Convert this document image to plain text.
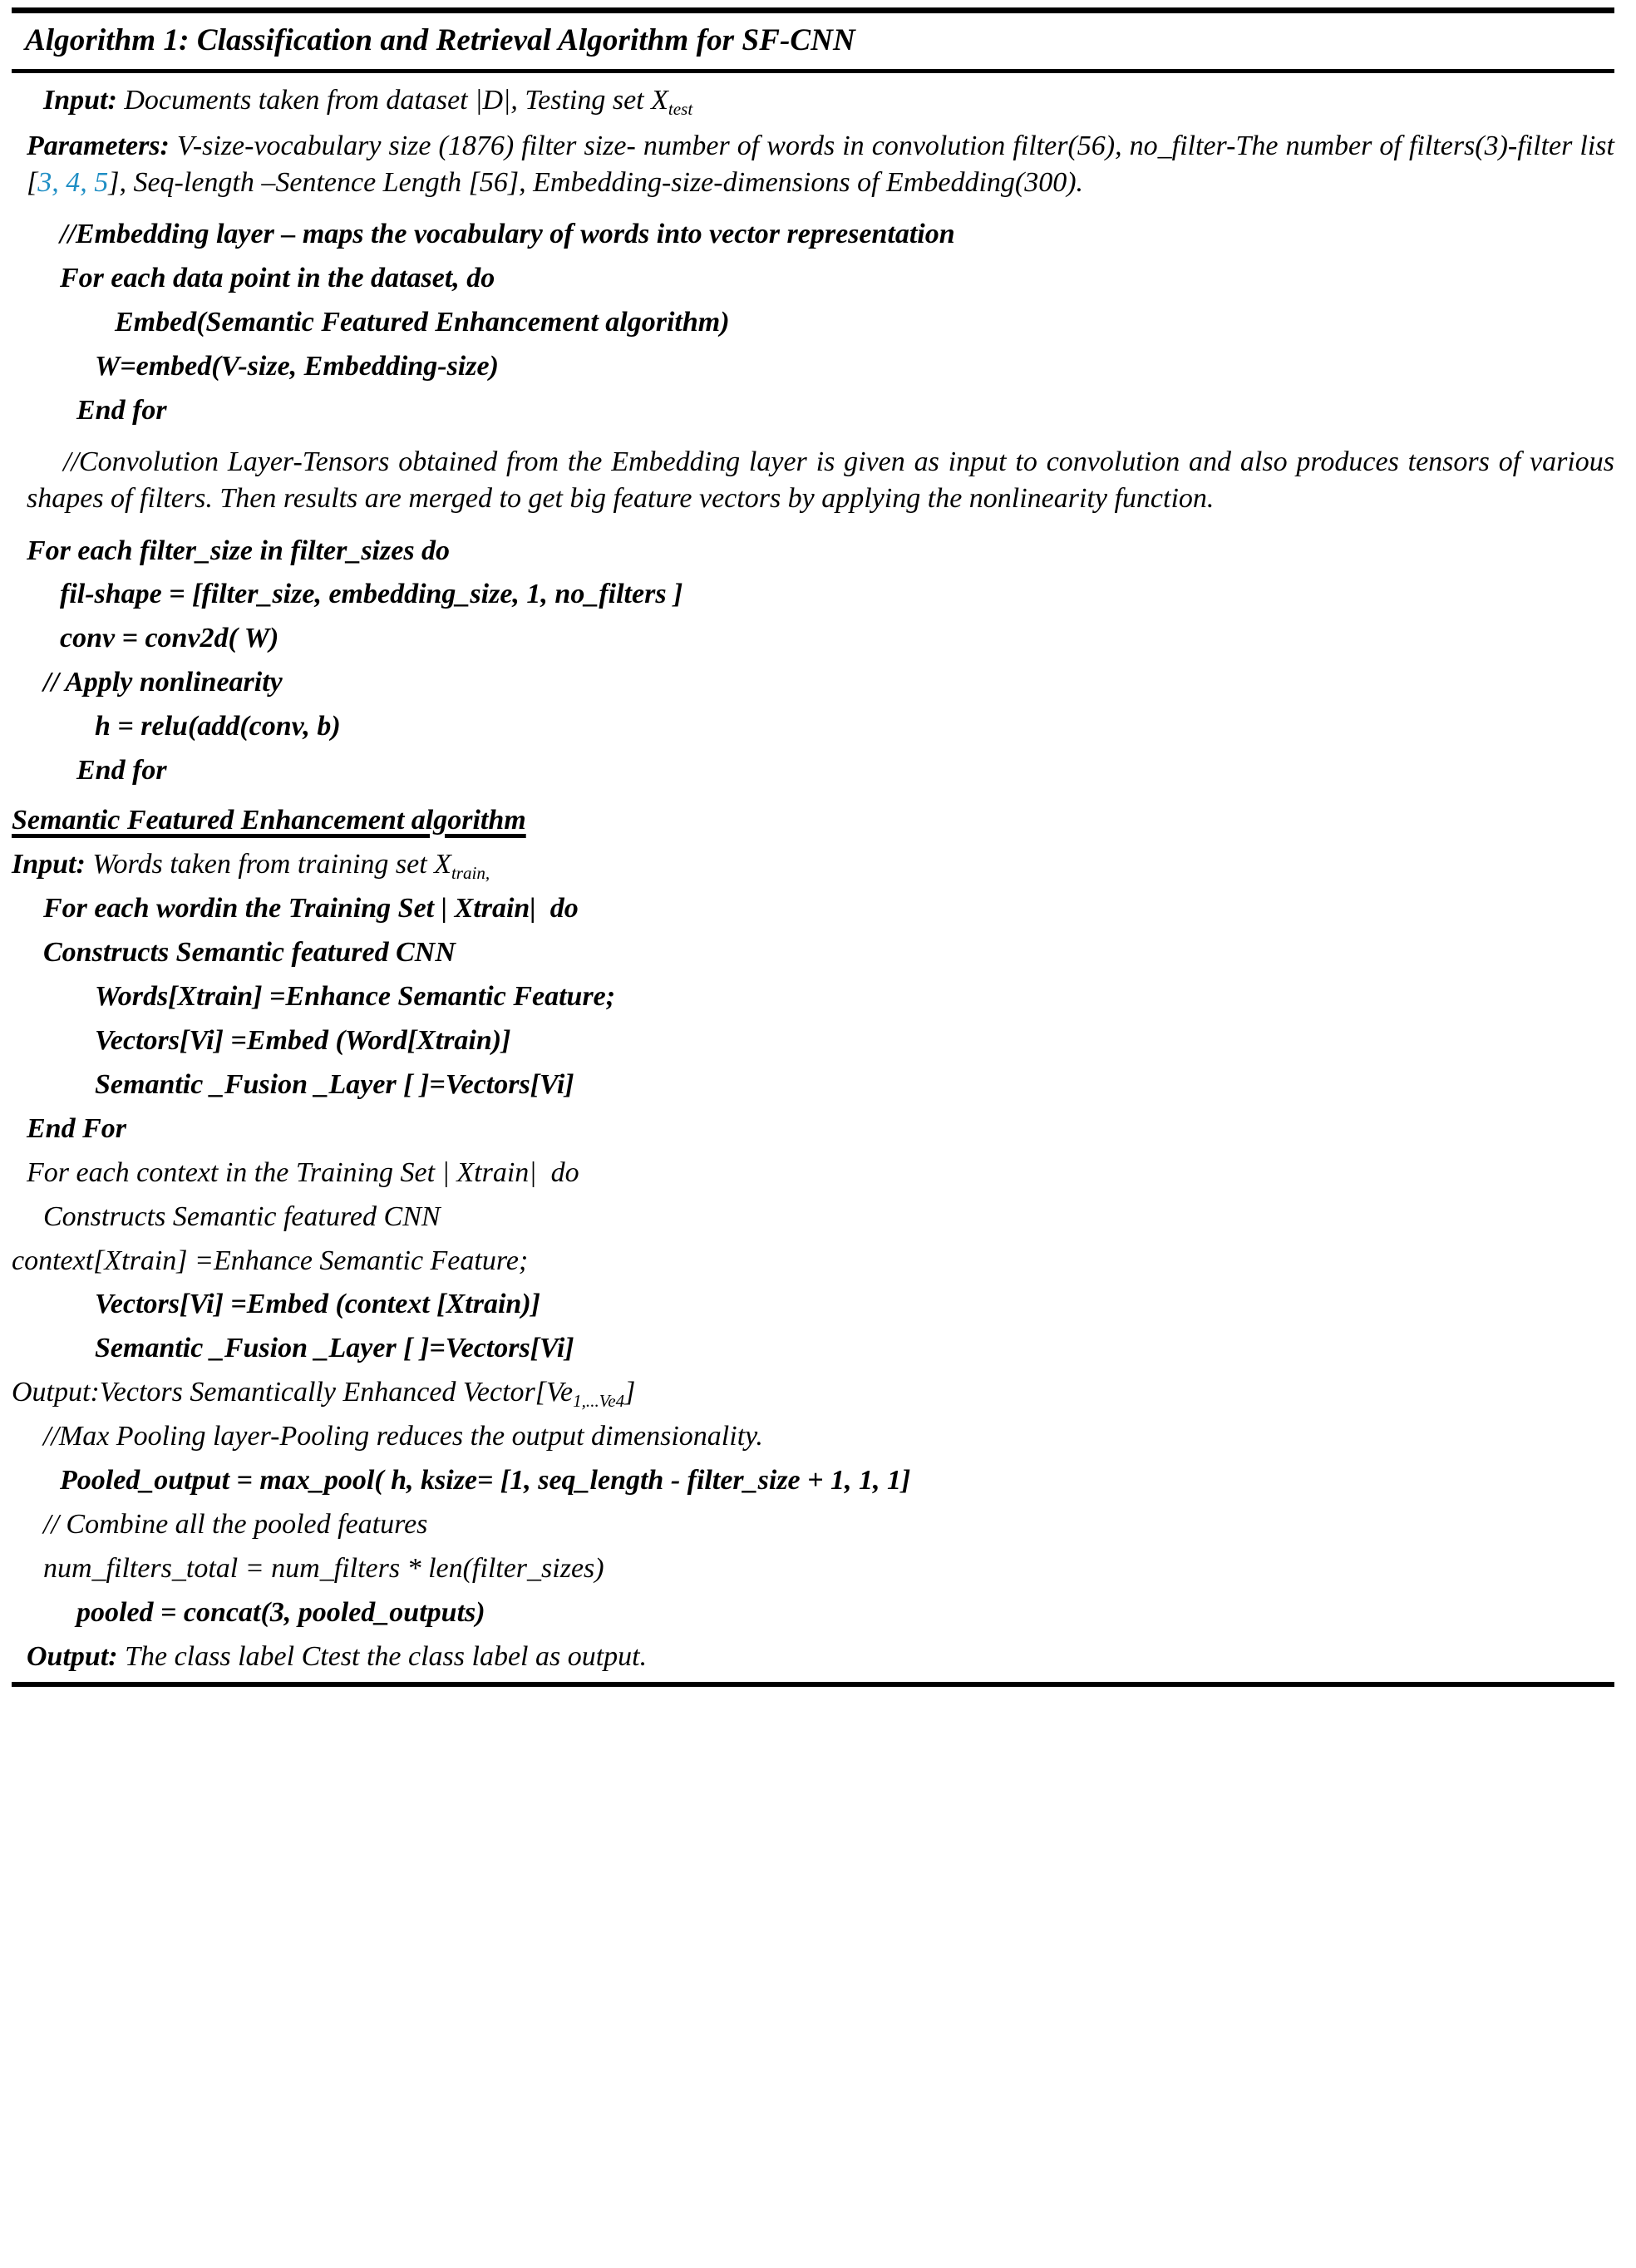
Algorithm 1: Classification and Retrieval Algorithm for SF-CNN
Input: Documents taken from dataset |D|, Testing set $X_{test}$
Parameters: V-size-vocabulary size (1876) filter size- number of words in convolution filter(56), no_filter-The number of filters(3)-filter list [3, 4, 5], Seq-length –Sentence Length [56], Embedding-size-dimensions of Embedding(300).
//Embedding layer – maps the vocabulary of words into vector representation
For each data point in the dataset, do
Embed(Semantic Featured Enhancement algorithm)
W=embed(V-size, Embedding-size)
End for
//Convolution Layer-Tensors obtained from the Embedding layer is given as input to convolution and also produces tensors of various shapes of filters. Then results are merged to get big feature vectors by applying the nonlinearity function.
For each filter_size in filter_sizes do
fil-shape = [filter_size, embedding_size, 1, no_filters ]
conv = conv2d( W)
// Apply nonlinearity
h = relu(add(conv, b)
End for
Semantic Featured Enhancement algorithm
Input: Words taken from training set $X_{train,}$
For each wordin the Training Set | Xtrain|  do
Constructs Semantic featured CNN
Words[Xtrain] =Enhance Semantic Feature;
Vectors[Vi] =Embed (Word[Xtrain)]
Semantic _Fusion _Layer [ ]=Vectors[Vi]
End For
For each context in the Training Set | Xtrain|  do
Constructs Semantic featured CNN
context[Xtrain] =Enhance Semantic Feature;
Vectors[Vi] =Embed (context [Xtrain)]
Semantic _Fusion _Layer [ ]=Vectors[Vi]
Output:Vectors Semantically Enhanced $Vector[Ve_{1,...Ve4}]$
//Max Pooling layer-Pooling reduces the output dimensionality.
Pooled_output = max_pool( h, ksize= [1, seq_length - filter_size + 1, 1, 1]
// Combine all the pooled features
num_filters_total = num_filters * len(filter_sizes)
pooled = concat(3, pooled_outputs)
Output: The class label Ctest the class label as output.
